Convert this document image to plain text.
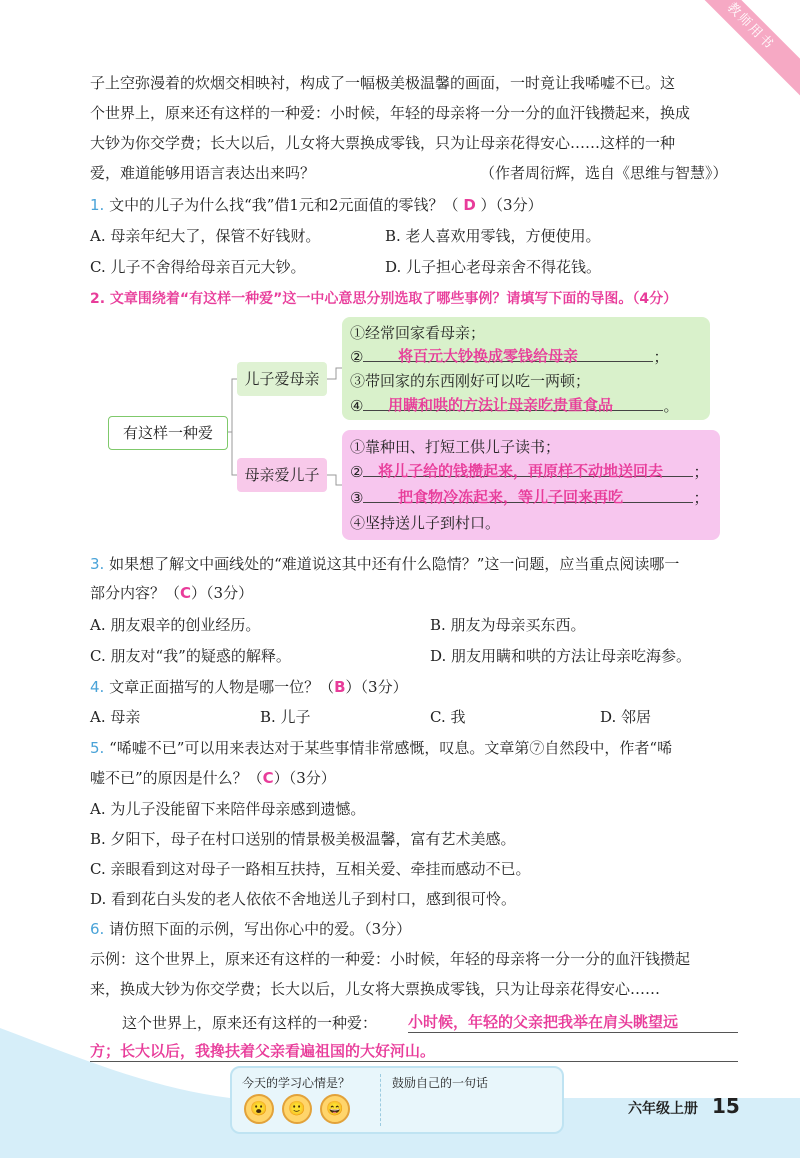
教师用书
子上空弥漫着的炊烟交相映衬，构成了一幅极美极温馨的画面，一时竟让我唏嘘不已。这
个世界上，原来还有这样的一种爱：小时候，年轻的母亲将一分一分的血汗钱攒起来，换成
大钞为你交学费；长大以后，儿女将大票换成零钱，只为让母亲花得安心……这样的一种
爱，难道能够用语言表达出来吗？	（作者周衍辉，选自《思维与智慧》）
1. 文中的儿子为什么找“我”借1元和2元面值的零钱？（ D ）（3分）
A. 母亲年纪大了，保管不好钱财。	B. 老人喜欢用零钱，方便使用。
C. 儿子不舍得给母亲百元大钞。	D. 儿子担心老母亲舍不得花钱。
2. 文章围绕着“有这样一种爱”这一中心意思分别选取了哪些事例？请填写下面的导图。（4分）
有这样一种爱
儿子爱母亲
母亲爱儿子
①经常回家看母亲；
②	；
将百元大钞换成零钱给母亲
③带回家的东西刚好可以吃一两顿；
④	。
用瞒和哄的方法让母亲吃贵重食品
①靠种田、打短工供儿子读书；
②	；
将儿子给的钱攒起来，再原样不动地送回去
③	；
把食物冷冻起来，等儿子回来再吃
④坚持送儿子到村口。
3. 如果想了解文中画线处的“难道说这其中还有什么隐情？”这一问题，应当重点阅读哪一
部分内容？（C）（3分）
A. 朋友艰辛的创业经历。	B. 朋友为母亲买东西。
C. 朋友对“我”的疑惑的解释。	D. 朋友用瞒和哄的方法让母亲吃海参。
4. 文章正面描写的人物是哪一位？（B）（3分）
A. 母亲	B. 儿子	C. 我	D. 邻居
5. “唏嘘不已”可以用来表达对于某些事情非常感慨，叹息。文章第⑦自然段中，作者“唏
嘘不已”的原因是什么？（C）（3分）
A. 为儿子没能留下来陪伴母亲感到遗憾。
B. 夕阳下，母子在村口送别的情景极美极温馨，富有艺术美感。
C. 亲眼看到这对母子一路相互扶持，互相关爱、牵挂而感动不已。
D. 看到花白头发的老人依依不舍地送儿子到村口，感到很可怜。
6. 请仿照下面的示例，写出你心中的爱。（3分）
示例：这个世界上，原来还有这样的一种爱：小时候，年轻的母亲将一分一分的血汗钱攒起
来，换成大钞为你交学费；长大以后，儿女将大票换成零钱，只为让母亲花得安心……
这个世界上，原来还有这样的一种爱： 小时候，年轻的父亲把我举在肩头眺望远
方；长大以后，我搀扶着父亲看遍祖国的大好河山。
今天的学习心情是？	鼓励自己的一句话
😮	🙂	😄	六年级上册 15
